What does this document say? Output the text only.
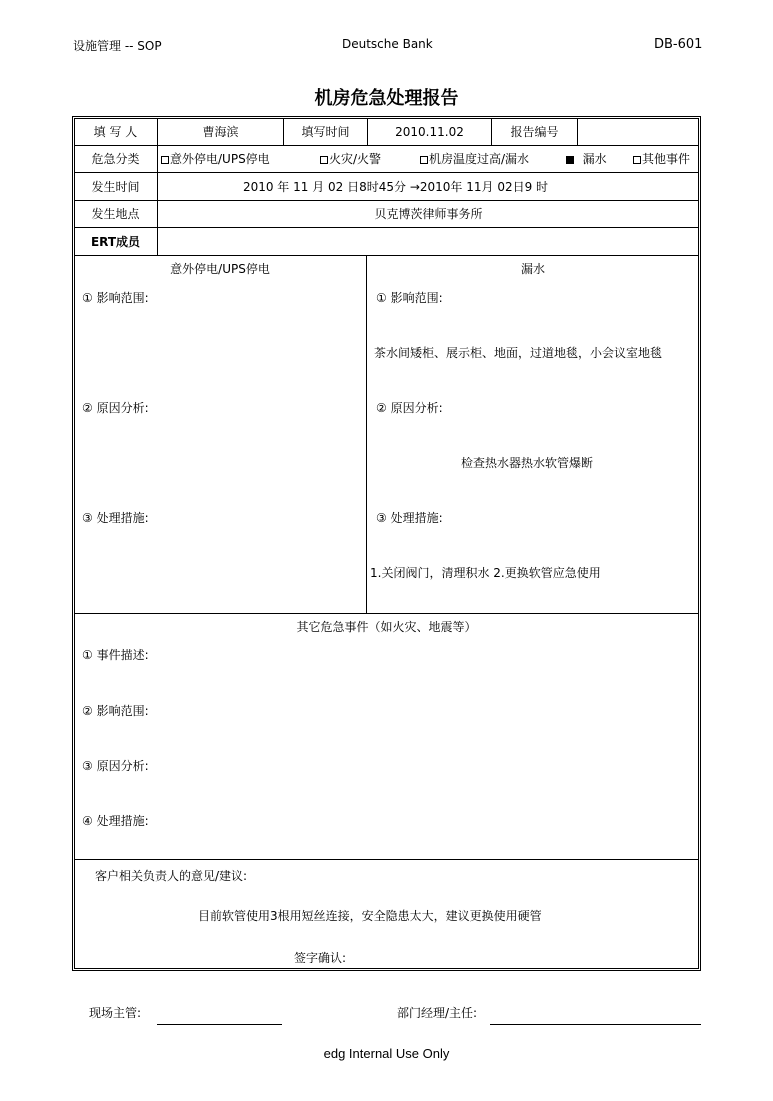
设施管理 -- SOP	Deutsche Bank	DB-601
机房危急处理报告
填 写 人	曹海滨	填写时间	2010.11.02	报告编号
危急分类	意外停电/UPS停电	火灾/火警	机房温度过高/漏水	漏水	其他事件
发生时间	2010 年 11 月 02 日8时45分 →2010年 11月 02日9 时
发生地点	贝克博茨律师事务所
ERT成员
意外停电/UPS停电
① 影响范围:
② 原因分析:
③ 处理措施:
漏水
① 影响范围:
茶水间矮柜、展示柜、地面，过道地毯，小会议室地毯
② 原因分析:
检查热水器热水软管爆断
③ 处理措施:
1.关闭阀门，清理积水 2.更换软管应急使用
其它危急事件（如火灾、地震等）
① 事件描述:
② 影响范围:
③ 原因分析:
④ 处理措施:
客户相关负责人的意见/建议:
目前软管使用3根用短丝连接，安全隐患太大，建议更换使用硬管
签字确认:
现场主管:	部门经理/主任:
edg Internal Use Only
